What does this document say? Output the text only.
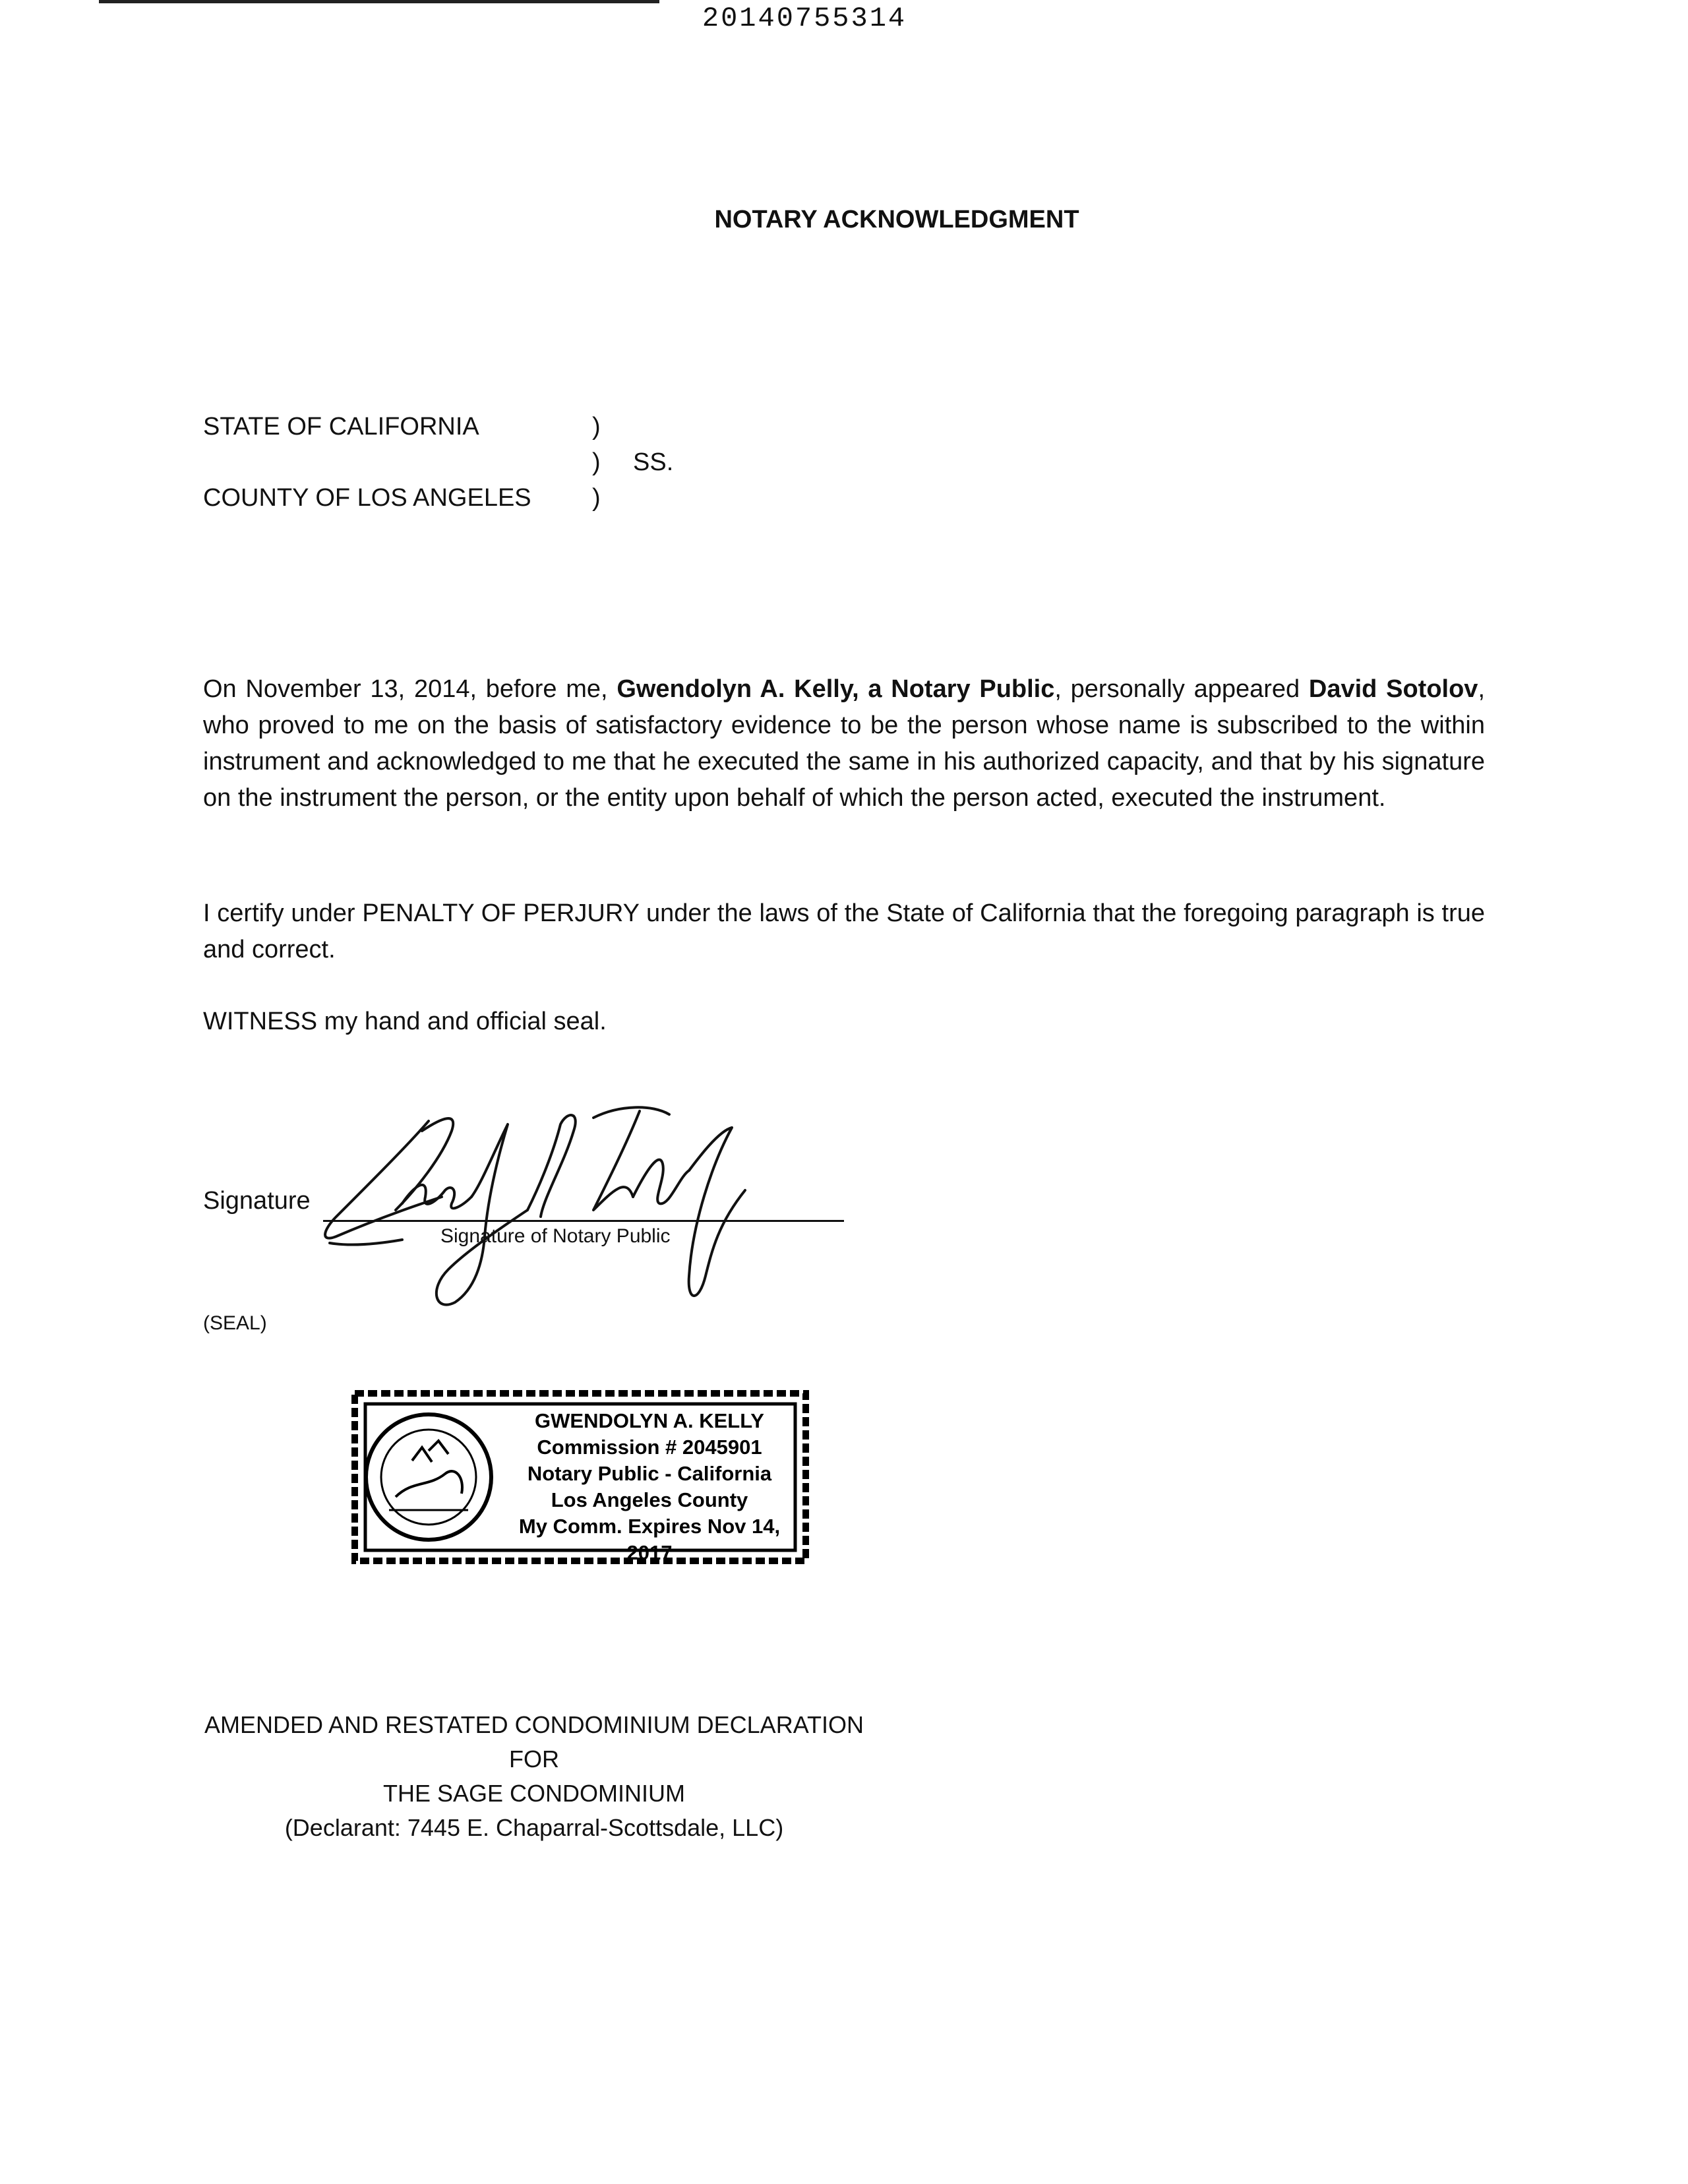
20140755314
NOTARY ACKNOWLEDGMENT
STATE OF CALIFORNIA
COUNTY OF LOS ANGELES
)
)
)
SS.
On November 13, 2014, before me, Gwendolyn A. Kelly, a Notary Public, personally appeared David Sotolov, who proved to me on the basis of satisfactory evidence to be the person whose name is subscribed to the within instrument and acknowledged to me that he executed the same in his authorized capacity, and that by his signature on the instrument the person, or the entity upon behalf of which the person acted, executed the instrument.
I certify under PENALTY OF PERJURY under the laws of the State of California that the foregoing paragraph is true and correct.
WITNESS my hand and official seal.
Signature
Signature of Notary Public
(SEAL)
GWENDOLYN A. KELLY
Commission # 2045901
Notary Public - California
Los Angeles County
My Comm. Expires Nov 14, 2017
AMENDED AND RESTATED CONDOMINIUM DECLARATION
FOR
THE SAGE CONDOMINIUM
(Declarant: 7445 E. Chaparral-Scottsdale, LLC)
